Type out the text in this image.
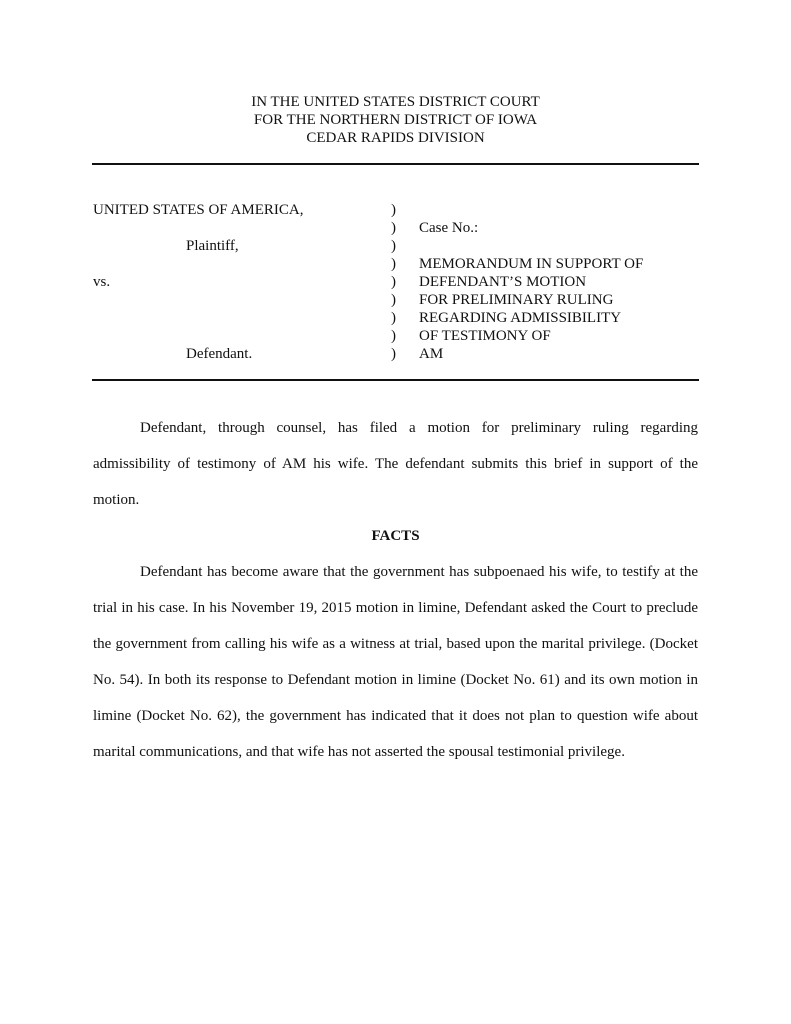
IN THE UNITED STATES DISTRICT COURT
FOR THE NORTHERN DISTRICT OF IOWA
CEDAR RAPIDS DIVISION
UNITED STATES OF AMERICA,
Plaintiff,
vs.
Defendant.
)
)
)
)
)
)
)
)
)
Case No.:
MEMORANDUM IN SUPPORT OF
DEFENDANT’S MOTION
FOR PRELIMINARY RULING
REGARDING ADMISSIBILITY
OF TESTIMONY OF
AM
Defendant, through counsel, has filed a motion for preliminary ruling regarding admissibility of testimony of AM his wife. The defendant submits this brief in support of the motion.
FACTS
Defendant has become aware that the government has subpoenaed his wife, to testify at the trial in his case. In his November 19, 2015 motion in limine, Defendant asked the Court to preclude the government from calling his wife as a witness at trial, based upon the marital privilege. (Docket No. 54). In both its response to Defendant motion in limine (Docket No. 61) and its own motion in limine (Docket No. 62), the government has indicated that it does not plan to question wife about marital communications, and that wife has not asserted the spousal testimonial privilege.
